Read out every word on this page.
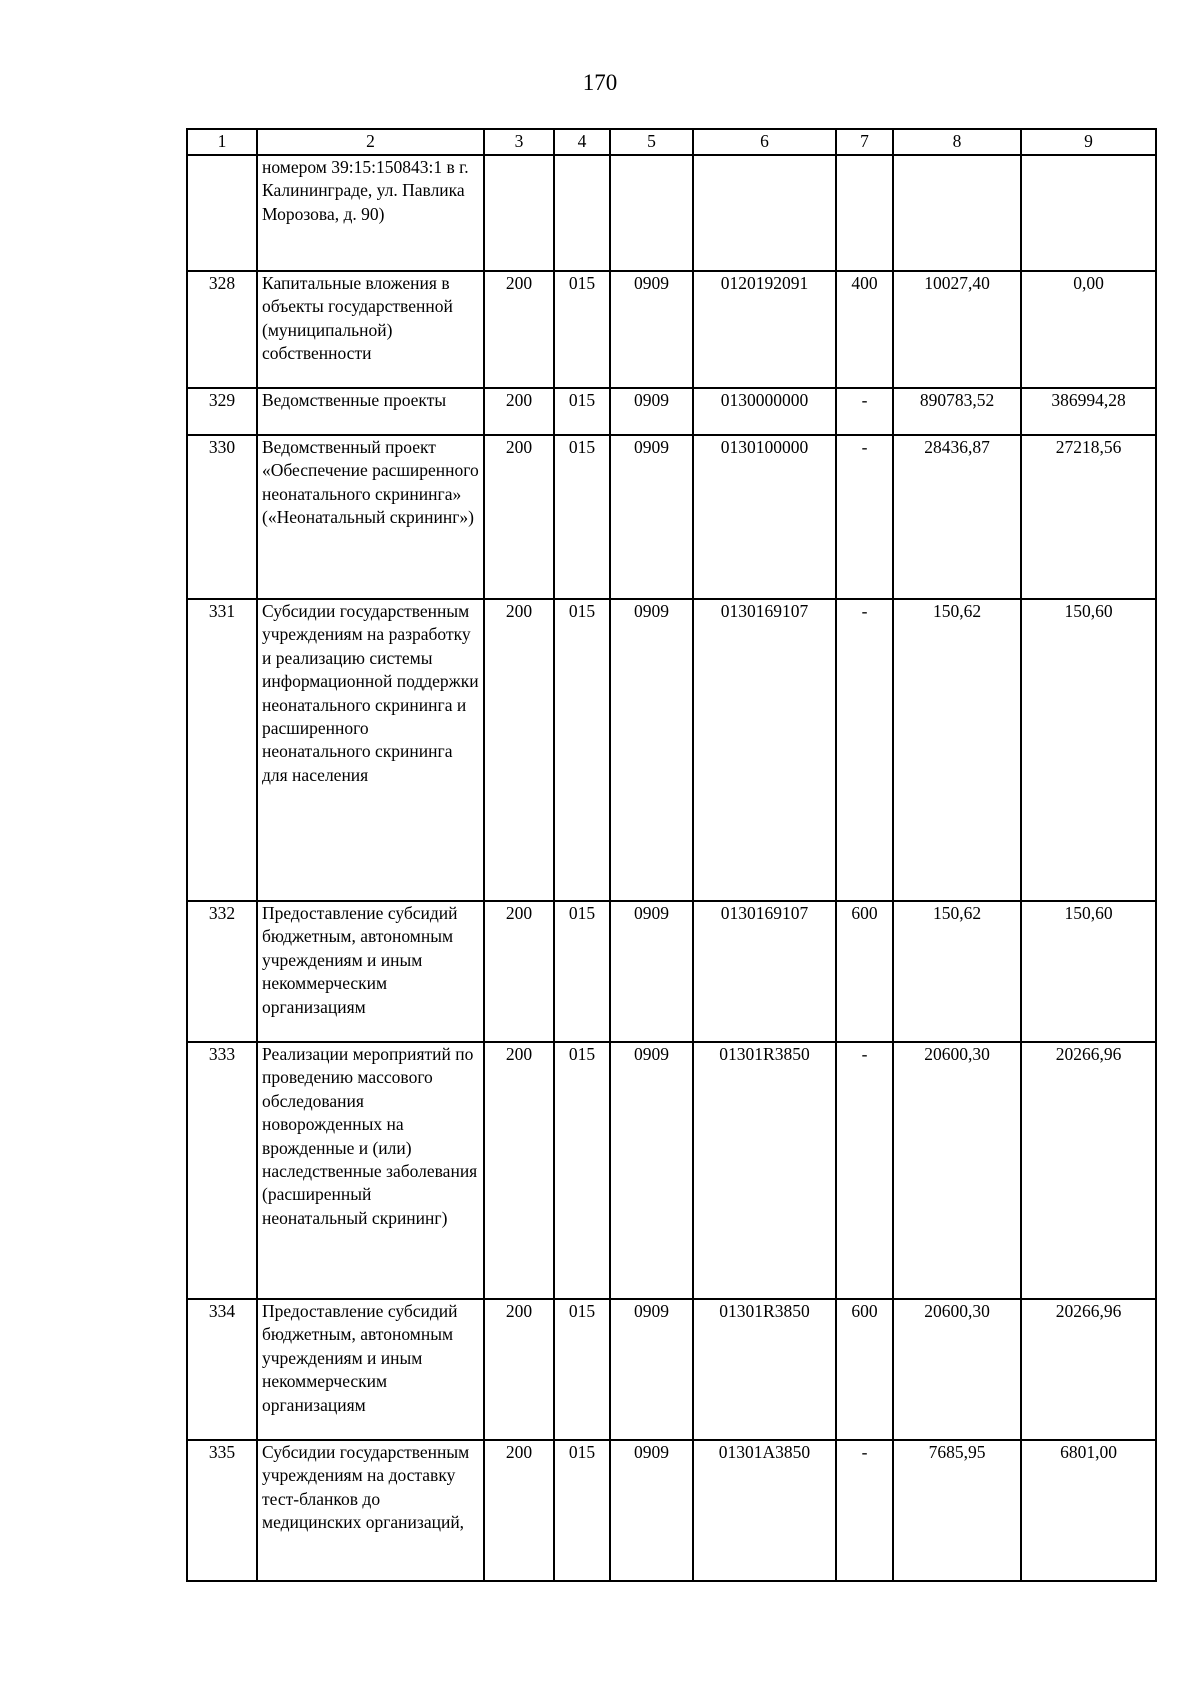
170
1	2	3	4	5	6	7	8	9
	номером 39:15:150843:1 в г. Калининграде, ул. Павлика Морозова, д. 90)							
328	Капитальные вложения в объекты государственной (муниципальной) собственности	200	015	0909	0120192091	400	10027,40	0,00
329	Ведомственные проекты	200	015	0909	0130000000	-	890783,52	386994,28
330	Ведомственный проект «Обеспечение расширенного неонатального скрининга» («Неонатальный скрининг»)	200	015	0909	0130100000	-	28436,87	27218,56
331	Субсидии государственным учреждениям на разработку и реализацию системы информационной поддержки неонатального скрининга и расширенного неонатального скрининга для населения	200	015	0909	0130169107	-	150,62	150,60
332	Предоставление субсидий бюджетным, автономным учреждениям и иным некоммерческим организациям	200	015	0909	0130169107	600	150,62	150,60
333	Реализации мероприятий по проведению массового обследования новорожденных на врожденные и (или) наследственные заболевания (расширенный неонатальный скрининг)	200	015	0909	01301R3850	-	20600,30	20266,96
334	Предоставление субсидий бюджетным, автономным учреждениям и иным некоммерческим организациям	200	015	0909	01301R3850	600	20600,30	20266,96
335	Субсидии государственным учреждениям на доставку тест-бланков до медицинских организаций,	200	015	0909	01301A3850	-	7685,95	6801,00
